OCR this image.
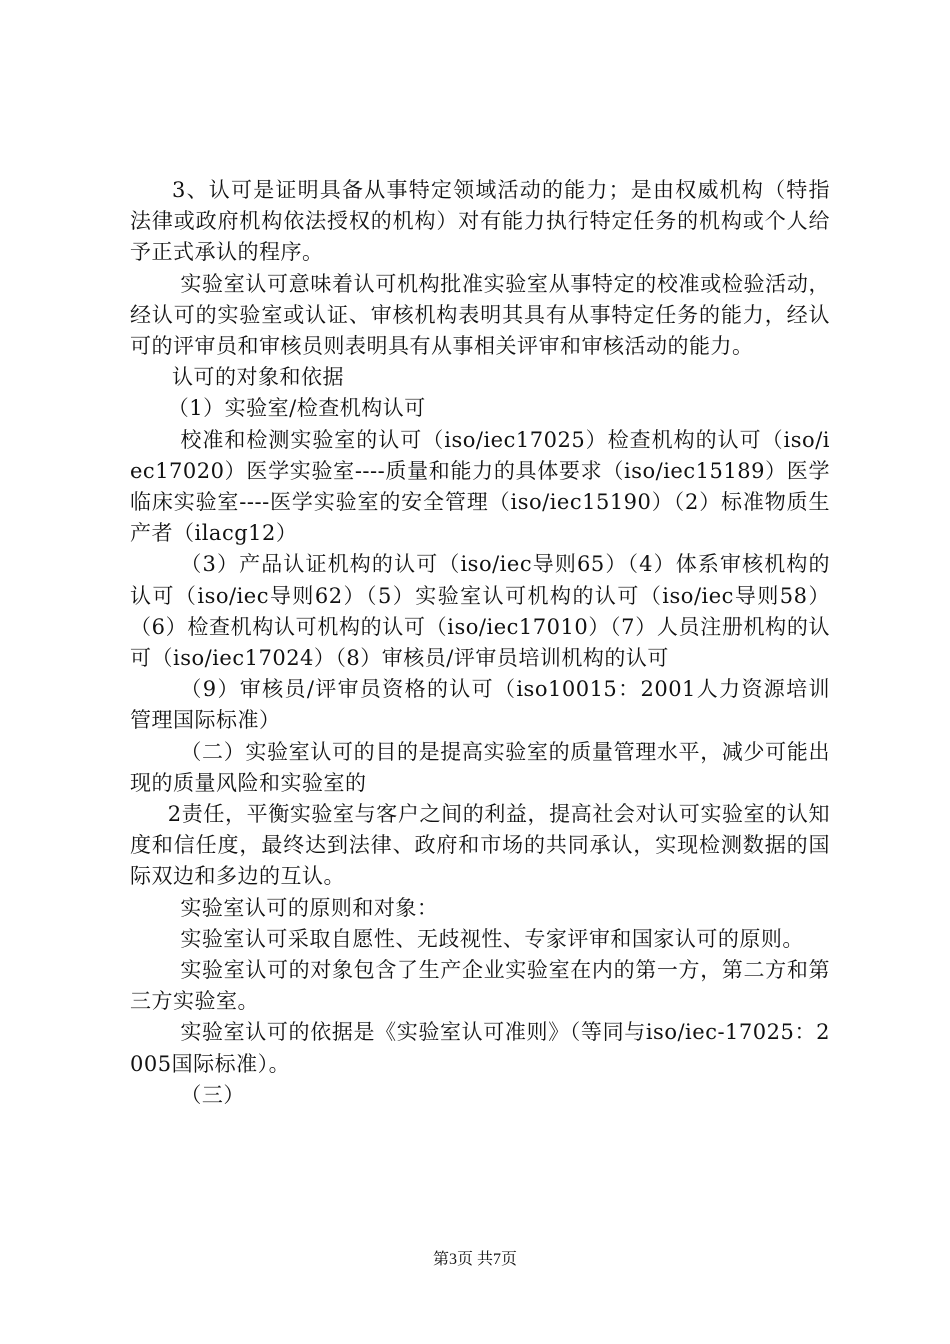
3、认可是证明具备从事特定领域活动的能力；是由权威机构（特指法律或政府机构依法授权的机构）对有能力执行特定任务的机构或个人给予正式承认的程序。

实验室认可意味着认可机构批准实验室从事特定的校准或检验活动，经认可的实验室或认证、审核机构表明其具有从事特定任务的能力，经认可的评审员和审核员则表明具有从事相关评审和审核活动的能力。

认可的对象和依据

（1）实验室/检查机构认可

校准和检测实验室的认可（iso/iec17025）检查机构的认可（iso/iec17020）医学实验室----质量和能力的具体要求（iso/iec15189）医学临床实验室----医学实验室的安全管理（iso/iec15190）（2）标准物质生产者（ilacg12）

（3）产品认证机构的认可（iso/iec导则65）（4）体系审核机构的认可（iso/iec导则62）（5）实验室认可机构的认可（iso/iec导则58）（6）检查机构认可机构的认可（iso/iec17010）（7）人员注册机构的认可（iso/iec17024）（8）审核员/评审员培训机构的认可

（9）审核员/评审员资格的认可（iso10015：2001人力资源培训管理国际标准）

（二）实验室认可的目的是提高实验室的质量管理水平，减少可能出现的质量风险和实验室的

2责任，平衡实验室与客户之间的利益，提高社会对认可实验室的认知度和信任度，最终达到法律、政府和市场的共同承认，实现检测数据的国际双边和多边的互认。

实验室认可的原则和对象：

实验室认可采取自愿性、无歧视性、专家评审和国家认可的原则。

实验室认可的对象包含了生产企业实验室在内的第一方，第二方和第三方实验室。

实验室认可的依据是《实验室认可准则》（等同与iso/iec-17025：2005国际标准）。

（三）

第3页 共7页
